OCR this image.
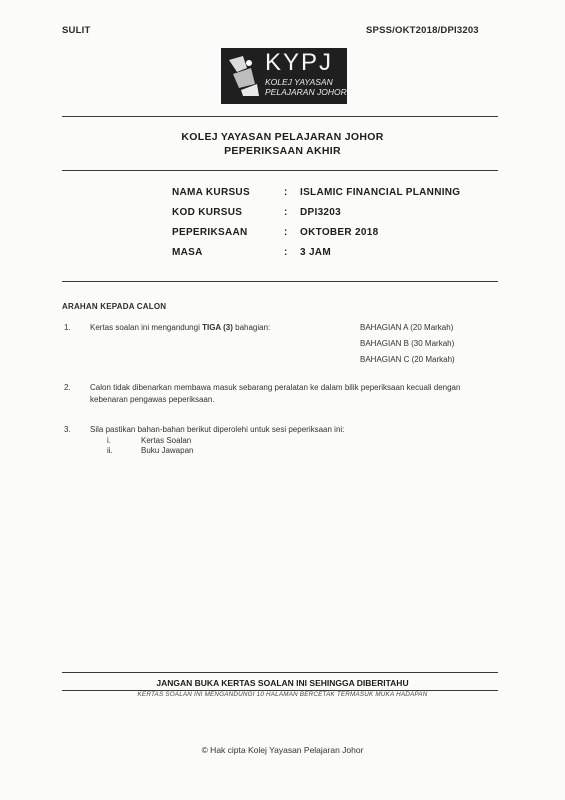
SULIT	SPSS/OKT2018/DPI3203
KYPJ
KOLEJ YAYASAN
PELAJARAN JOHOR
KOLEJ YAYASAN PELAJARAN JOHOR
PEPERIKSAAN AKHIR
NAMA KURSUS	: ISLAMIC FINANCIAL PLANNING
KOD KURSUS	: DPI3203
PEPERIKSAAN	: OKTOBER 2018
MASA	: 3 JAM
ARAHAN KEPADA CALON
1. Kertas soalan ini mengandungi TIGA (3) bahagian:	BAHAGIAN A (20 Markah)
BAHAGIAN B (30 Markah)
BAHAGIAN C (20 Markah)
2. Calon tidak dibenarkan membawa masuk sebarang peralatan ke dalam bilik peperiksaan kecuali dengan
kebenaran pengawas peperiksaan.
3. Sila pastikan bahan-bahan berikut diperolehi untuk sesi peperiksaan ini:
i.	Kertas Soalan
ii.	Buku Jawapan
JANGAN BUKA KERTAS SOALAN INI SEHINGGA DIBERITAHU
KERTAS SOALAN INI MENGANDUNGI 10 HALAMAN BERCETAK TERMASUK MUKA HADAPAN
© Hak cipta Kolej Yayasan Pelajaran Johor
